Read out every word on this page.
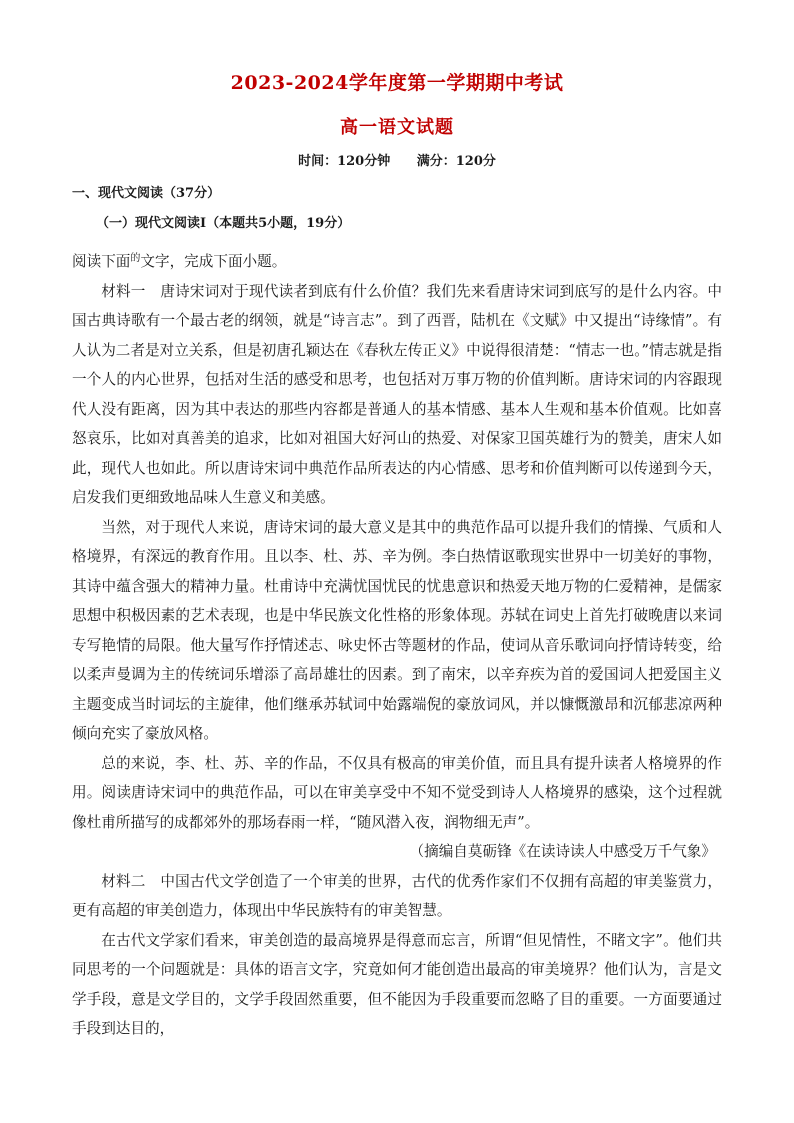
2023-2024学年度第一学期期中考试
高一语文试题
时间：120分钟 满分：120分
一、现代文阅读（37分）
（一）现代文阅读Ⅰ（本题共5小题，19分）

阅读下面$^的$文字，完成下面小题。

材料一　唐诗宋词对于现代读者到底有什么价值？我们先来看唐诗宋词到底写的是什么内容。中国古典诗歌有一个最古老的纲领，就是“诗言志”。到了西晋，陆机在《文赋》中又提出“诗缘情”。有人认为二者是对立关系，但是初唐孔颖达在《春秋左传正义》中说得很清楚：“情志一也。”情志就是指一个人的内心世界，包括对生活的感受和思考，也包括对万事万物的价值判断。唐诗宋词的内容跟现代人没有距离，因为其中表达的那些内容都是普通人的基本情感、基本人生观和基本价值观。比如喜怒哀乐，比如对真善美的追求，比如对祖国大好河山的热爱、对保家卫国英雄行为的赞美，唐宋人如此，现代人也如此。所以唐诗宋词中典范作品所表达的内心情感、思考和价值判断可以传递到今天，启发我们更细致地品味人生意义和美感。

当然，对于现代人来说，唐诗宋词的最大意义是其中的典范作品可以提升我们的情操、气质和人格境界，有深远的教育作用。且以李、杜、苏、辛为例。李白热情讴歌现实世界中一切美好的事物，其诗中蕴含强大的精神力量。杜甫诗中充满忧国忧民的忧患意识和热爱天地万物的仁爱精神，是儒家思想中积极因素的艺术表现，也是中华民族文化性格的形象体现。苏轼在词史上首先打破晚唐以来词专写艳情的局限。他大量写作抒情述志、咏史怀古等题材的作品，使词从音乐歌词向抒情诗转变，给以柔声曼调为主的传统词乐增添了高昂雄壮的因素。到了南宋，以辛弃疾为首的爱国词人把爱国主义主题变成当时词坛的主旋律，他们继承苏轼词中始露端倪的豪放词风，并以慷慨激昂和沉郁悲凉两种倾向充实了豪放风格。

总的来说，李、杜、苏、辛的作品，不仅具有极高的审美价值，而且具有提升读者人格境界的作用。阅读唐诗宋词中的典范作品，可以在审美享受中不知不觉受到诗人人格境界的感染，这个过程就像杜甫所描写的成都郊外的那场春雨一样，“随风潜入夜，润物细无声”。

（摘编自莫砺锋《在读诗读人中感受万千气象》

材料二　中国古代文学创造了一个审美的世界，古代的优秀作家们不仅拥有高超的审美鉴赏力，更有高超的审美创造力，体现出中华民族特有的审美智慧。

在古代文学家们看来，审美创造的最高境界是得意而忘言，所谓“但见情性，不睹文字”。他们共同思考的一个问题就是：具体的语言文字，究竟如何才能创造出最高的审美境界？他们认为，言是文学手段，意是文学目的，文学手段固然重要，但不能因为手段重要而忽略了目的重要。一方面要通过手段到达目的，
